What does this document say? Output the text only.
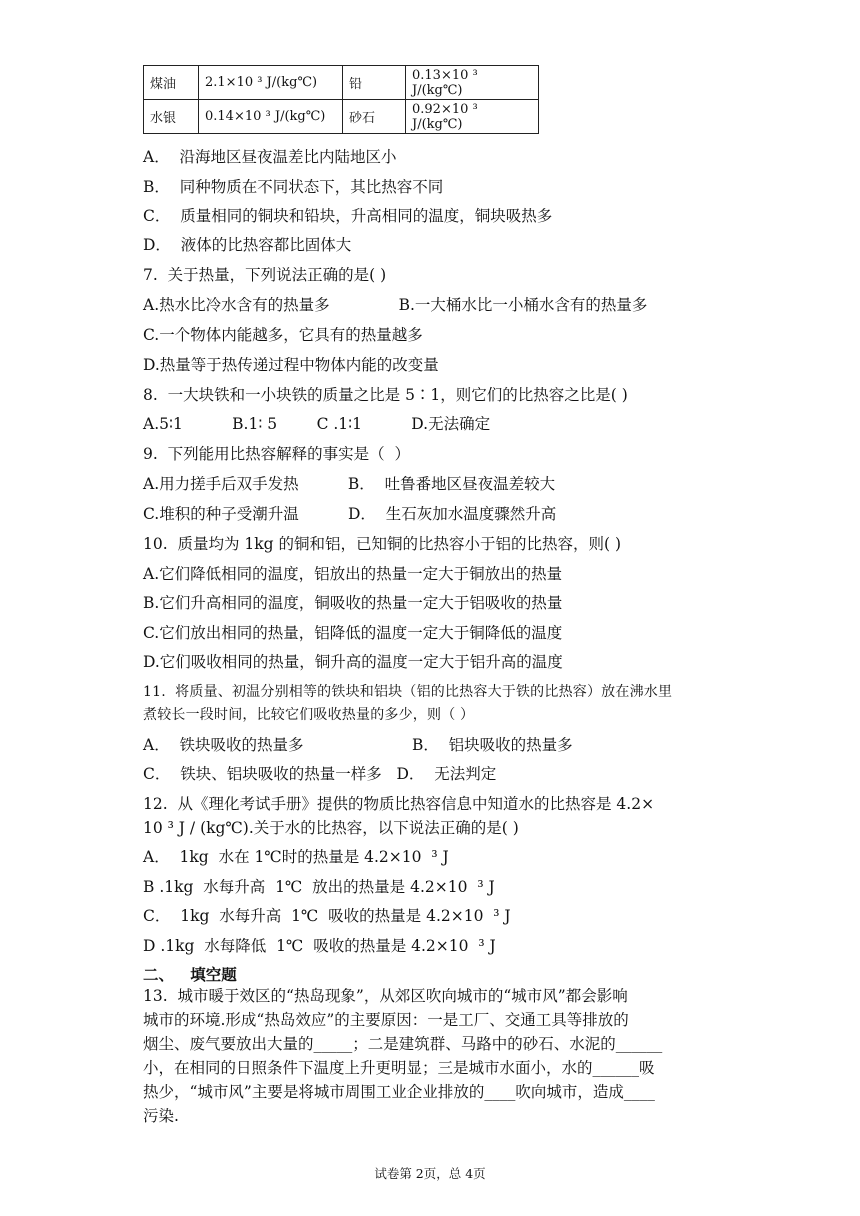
煤油	2.1×10 ³ J/(kg℃)	铅	0.13×10 ³ J/(kg℃)
水银	0.14×10 ³ J/(kg℃)	砂石	0.92×10 ³ J/(kg℃)
A．  沿海地区昼夜温差比内陆地区小
B．  同种物质在不同状态下，其比热容不同
C．  质量相同的铜块和铅块，升高相同的温度，铜块吸热多
D．  液体的比热容都比固体大
7.  关于热量，下列说法正确的是( )
A.热水比冷水含有的热量多              B.一大桶水比一小桶水含有的热量多
C.一个物体内能越多，它具有的热量越多
D.热量等于热传递过程中物体内能的改变量
8.  一大块铁和一小块铁的质量之比是 5∶1，则它们的比热容之比是( )
A.5∶1          B.1∶ 5        C .1∶1          D.无法确定
9.  下列能用比热容解释的事实是（  ）
A.用力搓手后双手发热          B．  吐鲁番地区昼夜温差较大
C.堆积的种子受潮升温          D．  生石灰加水温度骤然升高
10.  质量均为 1kg 的铜和铝，已知铜的比热容小于铝的比热容，则( )
A.它们降低相同的温度，铝放出的热量一定大于铜放出的热量
B.它们升高相同的温度，铜吸收的热量一定大于铝吸收的热量
C.它们放出相同的热量，铝降低的温度一定大于铜降低的温度
D.它们吸收相同的热量，铜升高的温度一定大于铝升高的温度
11.  将质量、初温分别相等的铁块和铝块（铝的比热容大于铁的比热容）放在沸水里
煮较长一段时间，比较它们吸收热量的多少，则（ ）
A．  铁块吸收的热量多                      B．  铝块吸收的热量多
C．  铁块、铝块吸收的热量一样多   D．  无法判定
12.  从《理化考试手册》提供的物质比热容信息中知道水的比热容是 4.2×
10 ³ J / (kg℃).关于水的比热容，以下说法正确的是( )
A．  1kg  水在 1℃时的热量是 4.2×10  ³ J
B .1kg  水每升高  1℃  放出的热量是 4.2×10  ³ J
C．  1kg  水每升高  1℃  吸收的热量是 4.2×10  ³ J
D .1kg  水每降低  1℃  吸收的热量是 4.2×10  ³ J
二、   填空题
13.  城市暖于效区的“热岛现象”，从郊区吹向城市的“城市风”都会影响
城市的环境.形成“热岛效应”的主要原因：一是工厂、交通工具等排放的
烟尘、废气要放出大量的_____；二是建筑群、马路中的砂石、水泥的______
小，在相同的日照条件下温度上升更明显；三是城市水面小，水的______吸
热少，“城市风”主要是将城市周围工业企业排放的____吹向城市，造成____
污染.
试卷第 2页，总 4页
